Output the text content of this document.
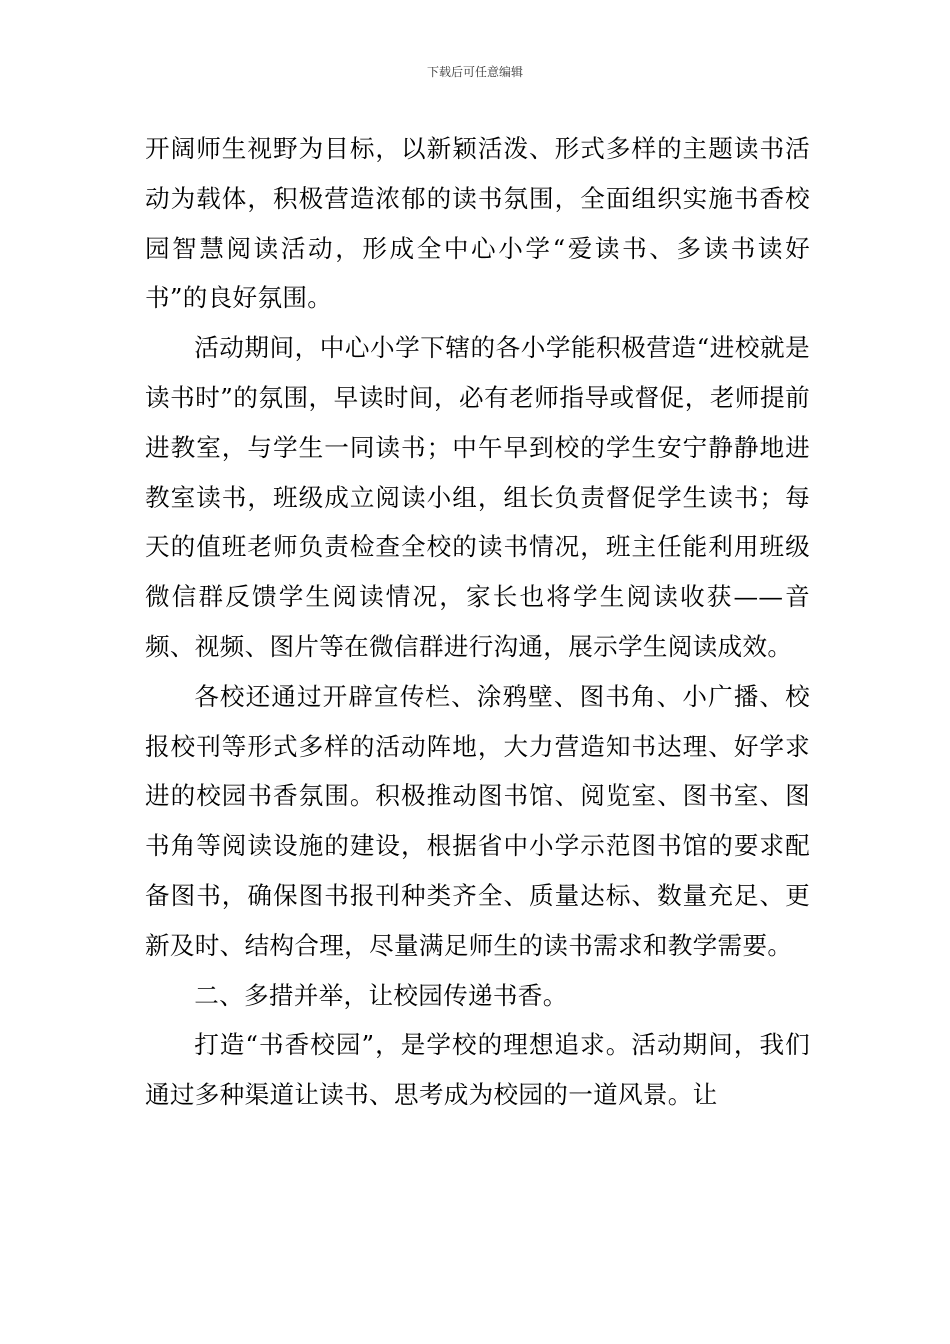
下载后可任意编辑

开阔师生视野为目标，以新颖活泼、形式多样的主题读书活动为载体，积极营造浓郁的读书氛围，全面组织实施书香校园智慧阅读活动，形成全中心小学“爱读书、多读书读好书”的良好氛围。

活动期间，中心小学下辖的各小学能积极营造“进校就是读书时”的氛围，早读时间，必有老师指导或督促，老师提前进教室，与学生一同读书；中午早到校的学生安宁静静地进教室读书，班级成立阅读小组，组长负责督促学生读书；每天的值班老师负责检查全校的读书情况，班主任能利用班级微信群反馈学生阅读情况，家长也将学生阅读收获——音频、视频、图片等在微信群进行沟通，展示学生阅读成效。

各校还通过开辟宣传栏、涂鸦壁、图书角、小广播、校报校刊等形式多样的活动阵地，大力营造知书达理、好学求进的校园书香氛围。积极推动图书馆、阅览室、图书室、图书角等阅读设施的建设，根据省中小学示范图书馆的要求配备图书，确保图书报刊种类齐全、质量达标、数量充足、更新及时、结构合理，尽量满足师生的读书需求和教学需要。

二、多措并举，让校园传递书香。

打造“书香校园”，是学校的理想追求。活动期间，我们通过多种渠道让读书、思考成为校园的一道风景。让
